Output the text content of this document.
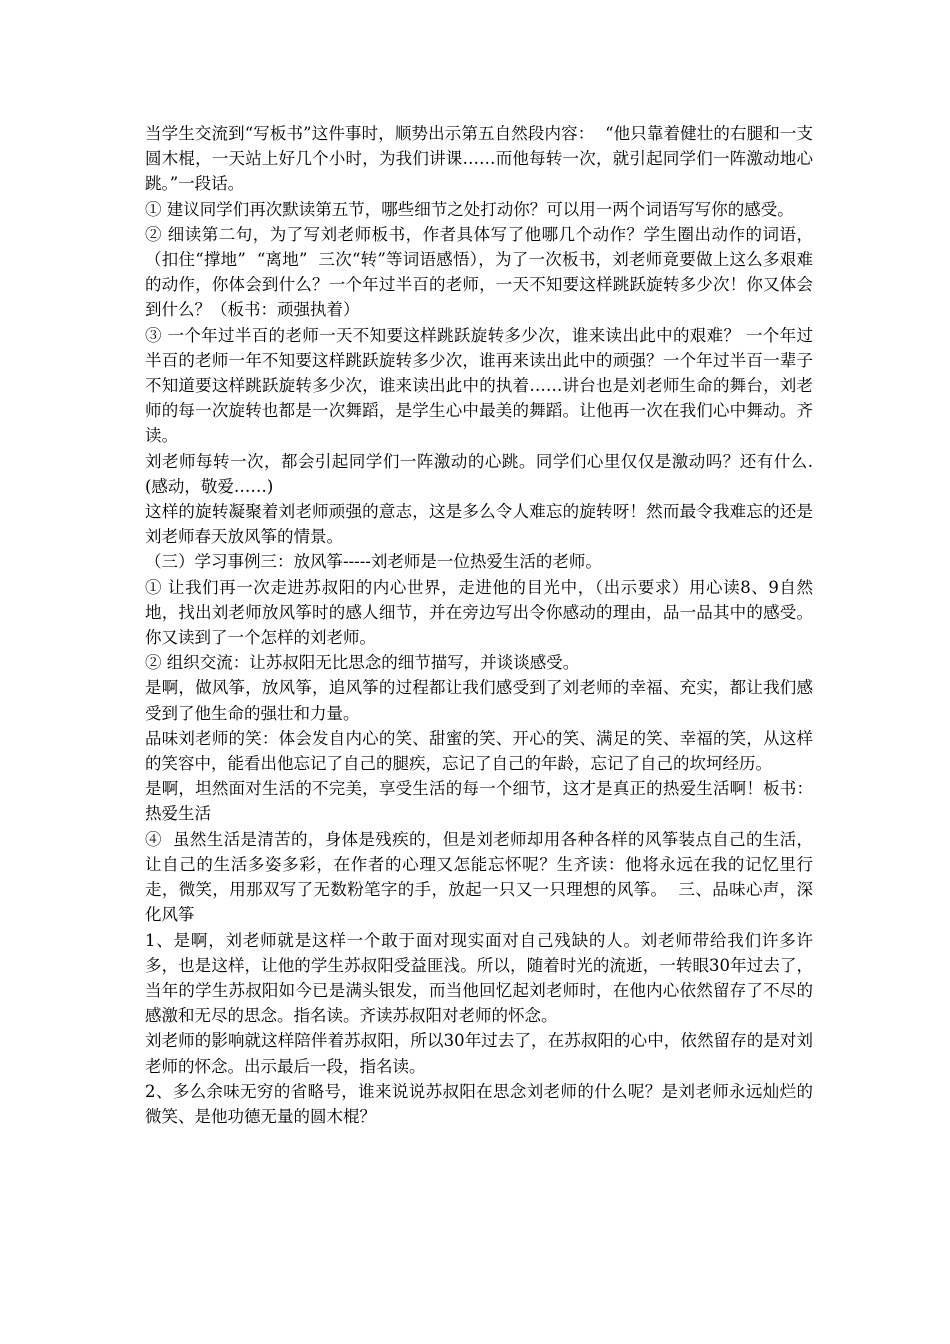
当学生交流到“写板书”这件事时，顺势出示第五自然段内容：  “他只靠着健壮的右腿和一支圆木棍，一天站上好几个小时，为我们讲课……而他每转一次，就引起同学们一阵激动地心跳。”一段话。

① 建议同学们再次默读第五节，哪些细节之处打动你？可以用一两个词语写写你的感受。

② 细读第二句，为了写刘老师板书，作者具体写了他哪几个动作？学生圈出动作的词语，（扣住“撑地”  “离地”  三次“转”等词语感悟），为了一次板书，刘老师竟要做上这么多艰难的动作，你体会到什么？一个年过半百的老师，一天不知要这样跳跃旋转多少次！你又体会到什么？（板书：顽强执着）

③ 一个年过半百的老师一天不知要这样跳跃旋转多少次，谁来读出此中的艰难？ 一个年过半百的老师一年不知要这样跳跃旋转多少次，谁再来读出此中的顽强？一个年过半百一辈子不知道要这样跳跃旋转多少次，谁来读出此中的执着……讲台也是刘老师生命的舞台，刘老师的每一次旋转也都是一次舞蹈，是学生心中最美的舞蹈。让他再一次在我们心中舞动。齐读。

刘老师每转一次，都会引起同学们一阵激动的心跳。同学们心里仅仅是激动吗？还有什么.(感动，敬爱……)

这样的旋转凝聚着刘老师顽强的意志，这是多么令人难忘的旋转呀！然而最令我难忘的还是刘老师春天放风筝的情景。

（三）学习事例三：放风筝-----刘老师是一位热爱生活的老师。

① 让我们再一次走进苏叔阳的内心世界，走进他的目光中，（出示要求）用心读8、9自然地，找出刘老师放风筝时的感人细节，并在旁边写出令你感动的理由，品一品其中的感受。你又读到了一个怎样的刘老师。

② 组织交流：让苏叔阳无比思念的细节描写，并谈谈感受。

是啊，做风筝，放风筝，追风筝的过程都让我们感受到了刘老师的幸福、充实，都让我们感受到了他生命的强壮和力量。

品味刘老师的笑：体会发自内心的笑、甜蜜的笑、开心的笑、满足的笑、幸福的笑，从这样的笑容中，能看出他忘记了自己的腿疾，忘记了自己的年龄，忘记了自己的坎坷经历。

是啊，坦然面对生活的不完美，享受生活的每一个细节，这才是真正的热爱生活啊！板书：热爱生活

④  虽然生活是清苦的，身体是残疾的，但是刘老师却用各种各样的风筝装点自己的生活，让自己的生活多姿多彩，在作者的心理又怎能忘怀呢？生齐读：他将永远在我的记忆里行走，微笑，用那双写了无数粉笔字的手，放起一只又一只理想的风筝。  三、品味心声，深化风筝

1、是啊，刘老师就是这样一个敢于面对现实面对自己残缺的人。刘老师带给我们许多许多，也是这样，让他的学生苏叔阳受益匪浅。所以，随着时光的流逝，一转眼30年过去了，当年的学生苏叔阳如今已是满头银发，而当他回忆起刘老师时，在他内心依然留存了不尽的感激和无尽的思念。指名读。齐读苏叔阳对老师的怀念。

刘老师的影响就这样陪伴着苏叔阳，所以30年过去了，在苏叔阳的心中，依然留存的是对刘老师的怀念。出示最后一段，指名读。

2、多么余味无穷的省略号，谁来说说苏叔阳在思念刘老师的什么呢？是刘老师永远灿烂的微笑、是他功德无量的圆木棍？
